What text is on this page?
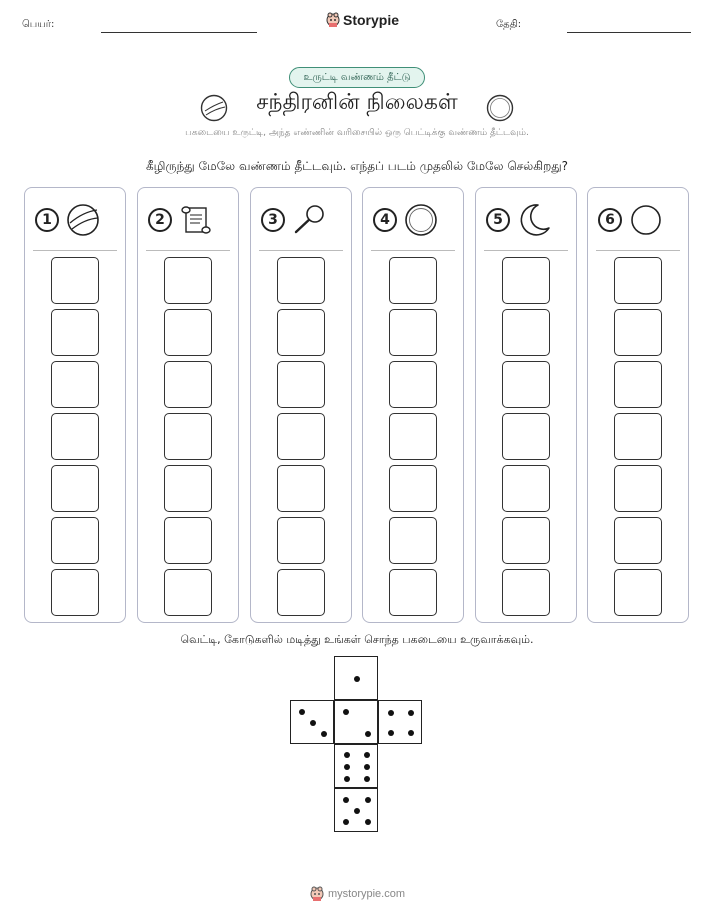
பெயர்:	Storypie	தேதி:
உருட்டி வண்ணம் தீட்டு
சந்திரனின் நிலைகள்
பகடையை உருட்டி, அந்த எண்ணின் வரிசையில் ஒரு பெட்டிக்கு வண்ணம் தீட்டவும்.
கீழிருந்து மேலே வண்ணம் தீட்டவும். எந்தப் படம் முதலில் மேலே செல்கிறது?
1	2	3	4	5	6
வெட்டி, கோடுகளில் மடித்து உங்கள் சொந்த பகடையை உருவாக்கவும்.
mystorypie.com
